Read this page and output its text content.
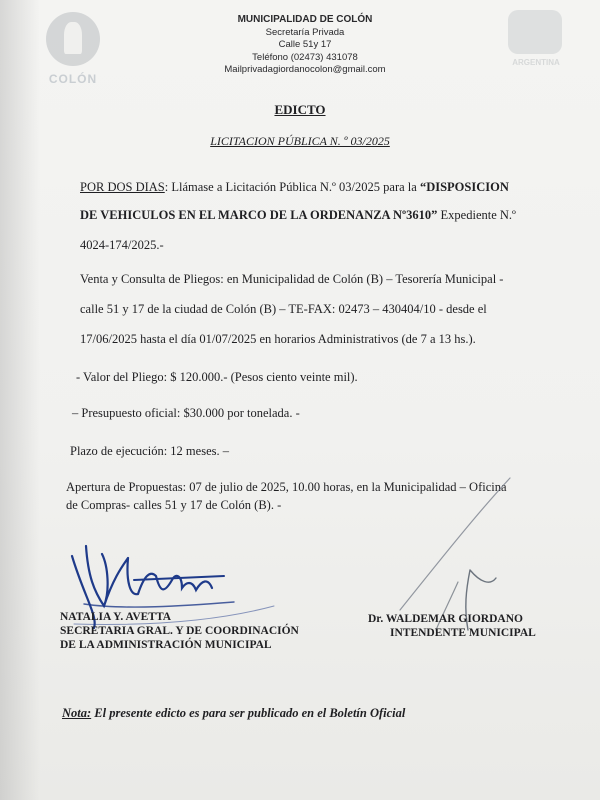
COLÓN
ARGENTINA
MUNICIPALIDAD DE COLÓN
Secretaría Privada
Calle 51y 17
Teléfono (02473) 431078
Mailprivadagiordanocolon@gmail.com
EDICTO
LICITACION PÚBLICA N. º 03/2025
POR DOS DIAS: Llámase a Licitación Pública N.º 03/2025 para la “DISPOSICION
DE VEHICULOS EN EL MARCO DE LA ORDENANZA Nº3610” Expediente N.º
4024-174/2025.-
Venta y Consulta de Pliegos: en Municipalidad de Colón (B) – Tesorería Municipal -
calle 51 y 17 de la ciudad de Colón (B) – TE-FAX: 02473 – 430404/10 - desde el
17/06/2025 hasta el día 01/07/2025 en horarios Administrativos (de 7 a 13 hs.).
- Valor del Pliego: $ 120.000.- (Pesos ciento veinte mil).
– Presupuesto oficial: $30.000 por tonelada. -
Plazo de ejecución: 12 meses. –
Apertura de Propuestas: 07 de julio de 2025, 10.00 horas, en la Municipalidad – Oficina
de Compras- calles 51 y 17 de Colón (B). -
NATALIA Y. AVETTA
SECRETARIA GRAL. Y DE COORDINACIÓN
DE LA ADMINISTRACIÓN MUNICIPAL
Dr. WALDEMAR GIORDANO
INTENDENTE MUNICIPAL
Nota: El presente edicto es para ser publicado en el Boletín Oficial
